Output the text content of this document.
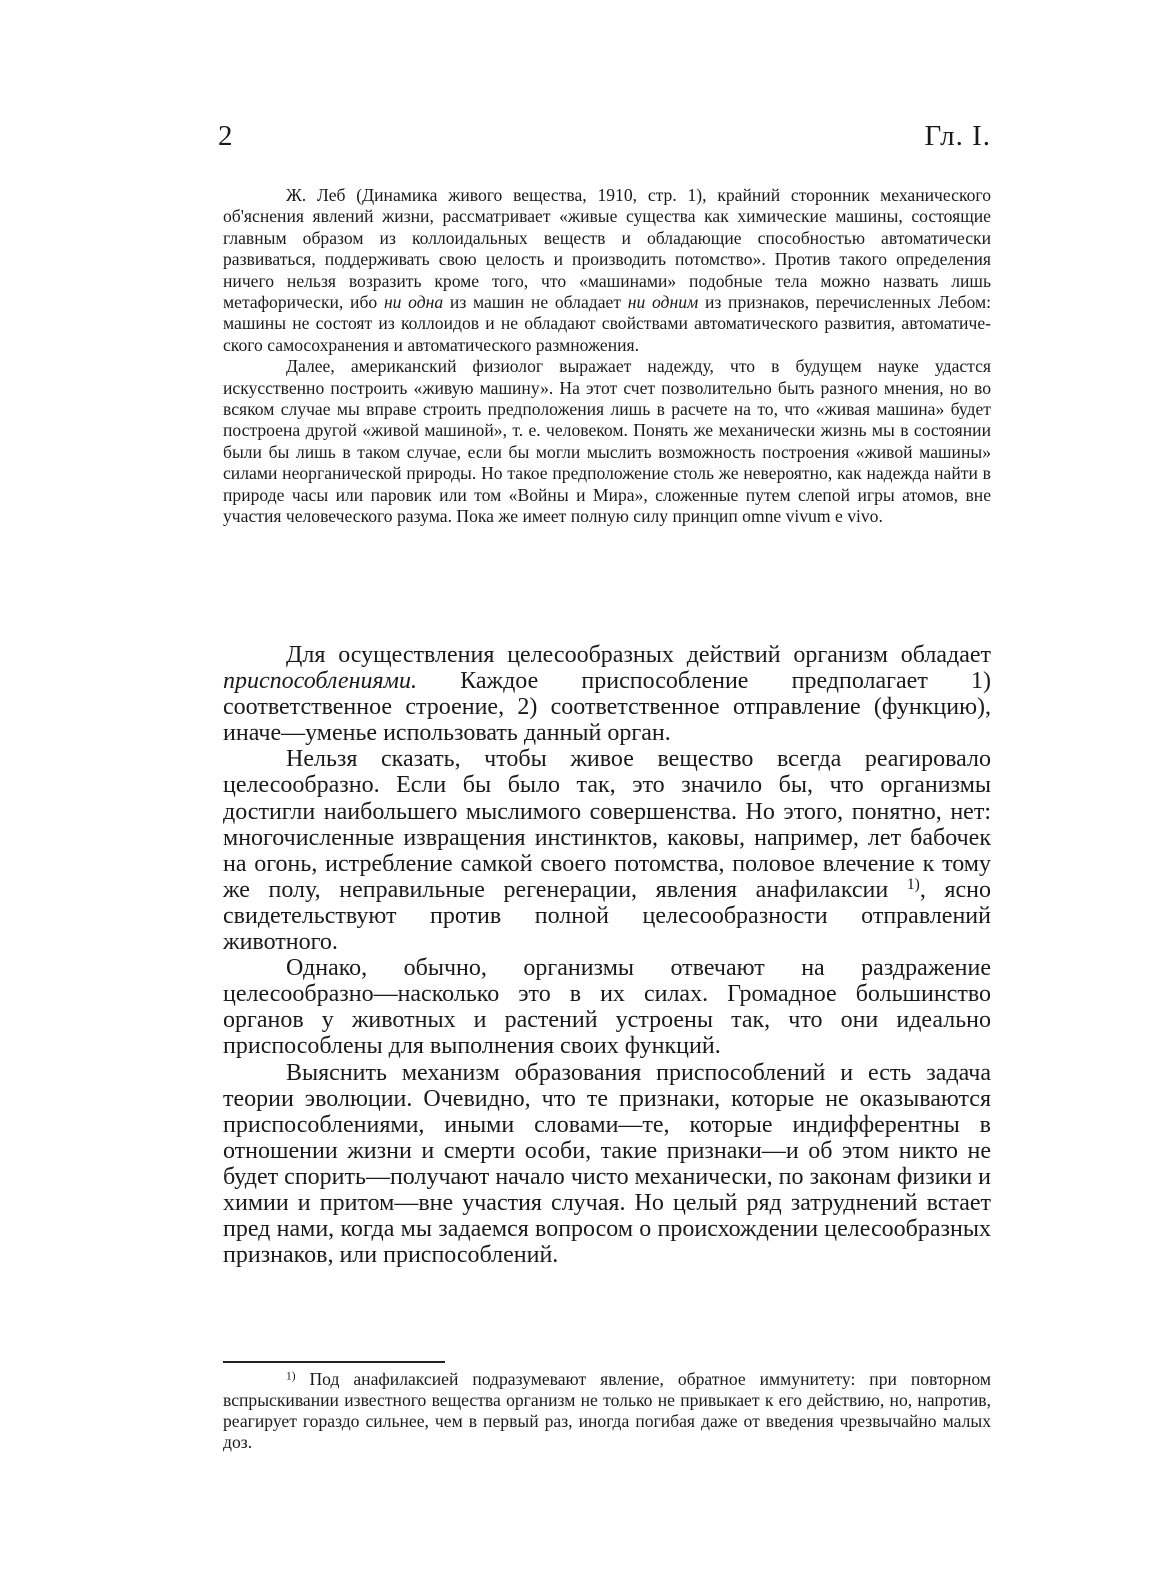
2	Гл. I.

Ж. Леб (Динамика живого вещества, 1910, стр. 1), крайний сторонник механического об'яснения явлений жизни, рассматривает «живые существа как химические машины, состоящие главным образом из коллоидальных веществ и обладающие способностью автоматически развиваться, поддерживать свою целость и производить потомство». Против такого определения ничего нельзя возразить кроме того, что «машинами» подобные тела можно назвать лишь метафорически, ибо ни одна из машин не обладает ни одним из признаков, перечисленных Лебом: машины не состоят из коллоидов и не обладают свойствами автоматического развития, автоматического самосохранения и автоматического размножения.

Далее, американский физиолог выражает надежду, что в будущем науке удастся искусственно построить «живую машину». На этот счет позволительно быть разного мнения, но во всяком случае мы вправе строить предположения лишь в расчете на то, что «живая машина» будет построена другой «живой машиной», т. е. человеком. Понять же механически жизнь мы в состоянии были бы лишь в таком случае, если бы могли мыслить возможность построения «живой машины» силами неорганической природы. Но такое предположение столь же невероятно, как надежда найти в природе часы или паровик или том «Войны и Мира», сложенные путем слепой игры атомов, вне участия человеческого разума. Пока же имеет полную силу принцип omne vivum e vivo.

Для осуществления целесообразных действий организм обладает приспособлениями. Каждое приспособление предполагает 1) соответственное строение, 2) соответственное отправление (функцию), иначе—уменье использовать данный орган.

Нельзя сказать, чтобы живое вещество всегда реагировало целесообразно. Если бы было так, это значило бы, что организмы достигли наибольшего мыслимого совершенства. Но этого, понятно, нет: многочисленные извращения инстинктов, каковы, например, лет бабочек на огонь, истребление самкой своего потомства, половое влечение к тому же полу, неправильные регенерации, явления анафилаксии $^{1)}$, ясно свидетельствуют против полной целесообразности отправлений животного.

Однако, обычно, организмы отвечают на раздражение целесообразно—насколько это в их силах. Громадное большинство органов у животных и растений устроены так, что они идеально приспособлены для выполнения своих функций.

Выяснить механизм образования приспособлений и есть задача теории эволюции. Очевидно, что те признаки, которые не оказываются приспособлениями, иными словами—те, которые индифферентны в отношении жизни и смерти особи, такие признаки—и об этом никто не будет спорить—получают начало чисто механически, по законам физики и химии и притом—вне участия случая. Но целый ряд затруднений встает пред нами, когда мы задаемся вопросом о происхождении целесообразных признаков, или приспособлений.

$^{1)}$ Под анафилаксией подразумевают явление, обратное иммунитету: при повторном вспрыскивании известного вещества организм не только не привыкает к его действию, но, напротив, реагирует гораздо сильнее, чем в первый раз, иногда погибая даже от введения чрезвычайно малых доз.
